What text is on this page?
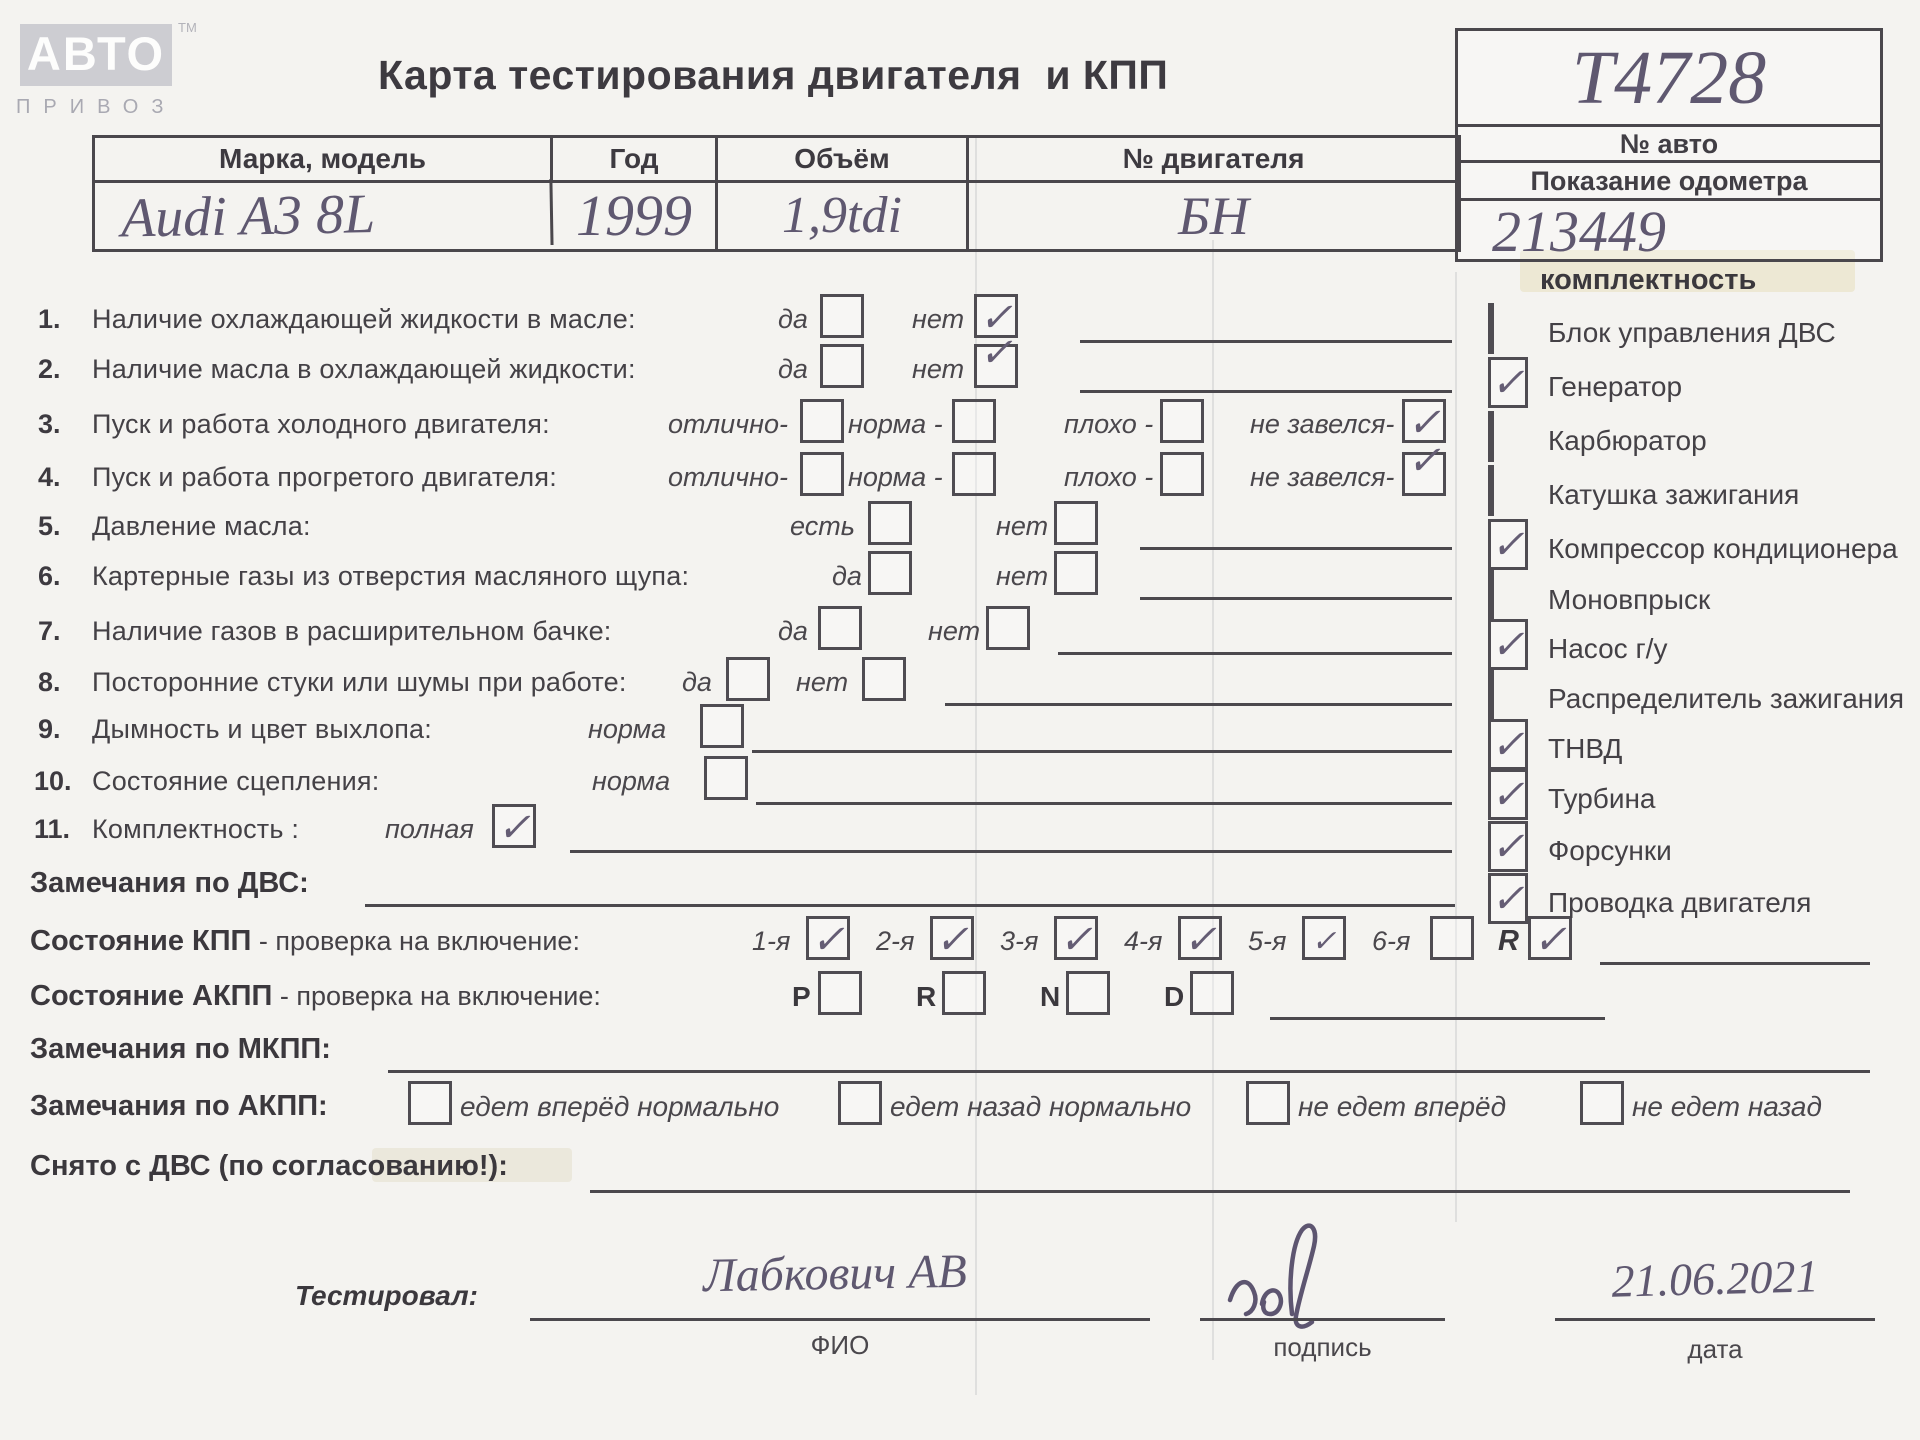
АВТО TM
ПРИВОЗ
Карта тестирования двигателя  и КПП	Т4728
№ авто
Показание одометра
213449
Марка, модель	Год	Объём	№ двигателя
Audi A3 8L	1999	1,9tdi	БН
1. Наличие охлаждающей жидкости в масле:	да	нет ✓
2. Наличие масла в охлаждающей жидкости:	да	нет ✓
3. Пуск и работа холодного двигателя:	отлично- норма -	плохо -	не завелся- ✓
4. Пуск и работа прогретого двигателя:	отлично- норма -	плохо -	не завелся- ✓
5. Давление масла:	есть	нет
6. Картерные газы из отверстия масляного щупа:	да	нет
7. Наличие газов в расширительном бачке:	да	нет
8. Посторонние стуки или шумы при работе: да	нет
9. Дымность и цвет выхлопа:	норма
10. Состояние сцепления:	норма
11. Комплектность :	полная ✓
Замечания по ДВС:
Состояние КПП - проверка на включение:	1-я ✓ 2-я ✓ 3-я ✓ 4-я ✓ 5-я ✓	6-я	R ✓
Состояние АКПП - проверка на включение:	P	R	N	D
Замечания по МКПП:
Замечания по АКПП:	едет вперёд нормально	едет назад нормально	не едет вперёд	не едет назад
Снято с ДВС (по согласованию!):
комплектность
Блок управления ДВС
✓ Генератор
Карбюратор
Катушка зажигания
✓ Компрессор кондиционера
Моновпрыск
✓ Насос г/у
Распределитель зажигания
✓ ТНВД
✓ Турбина
✓ Форсунки
✓ Проводка двигателя
Тестировал:	Лабкович АВ
ФИО	подпись
21.06.2021
дата
